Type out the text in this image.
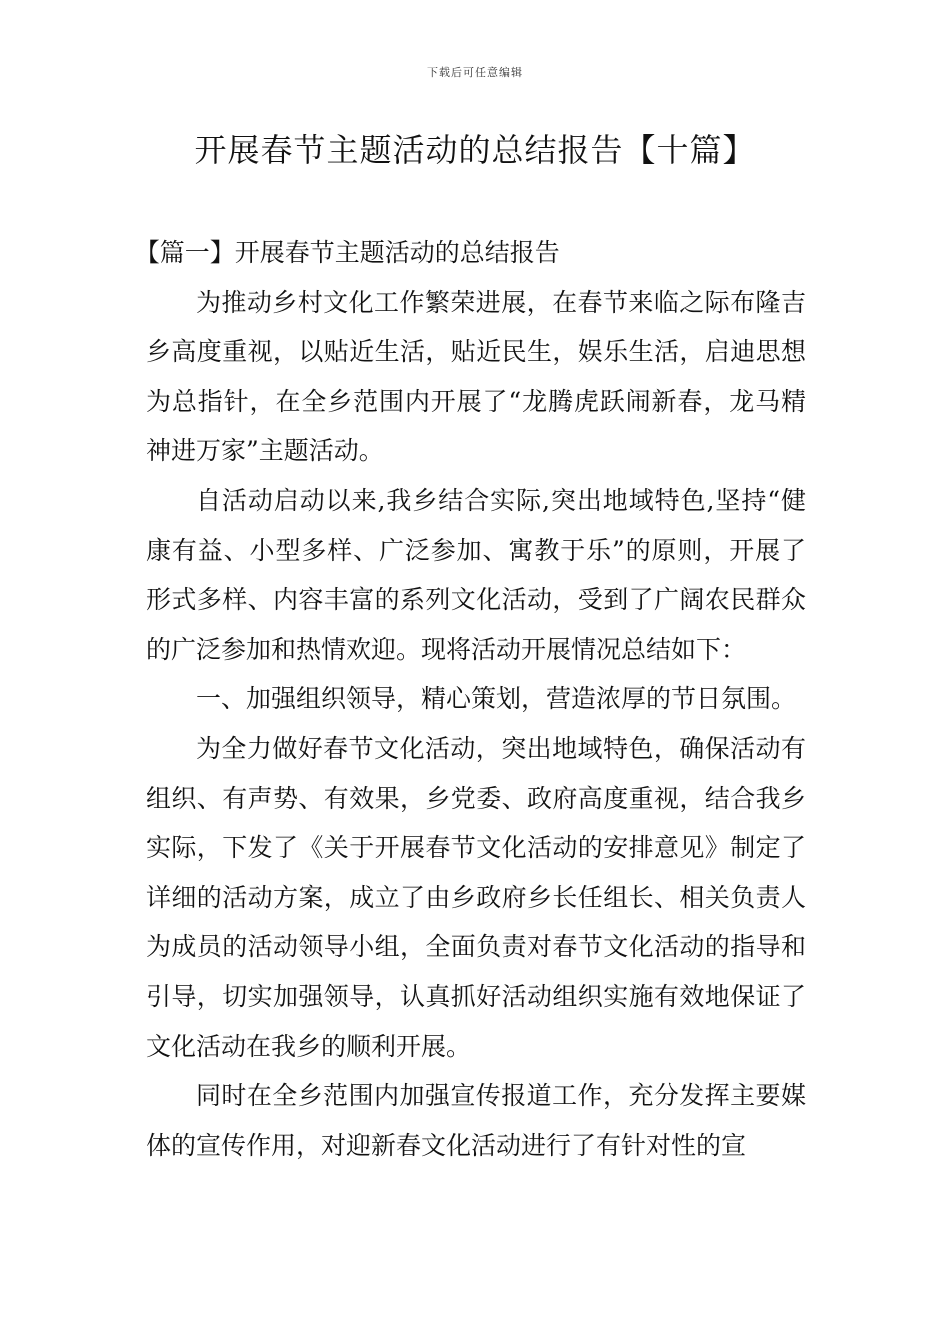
下载后可任意编辑
开展春节主题活动的总结报告【十篇】

【篇一】开展春节主题活动的总结报告

为推动乡村文化工作繁荣进展，在春节来临之际布隆吉乡高度重视，以贴近生活，贴近民生，娱乐生活，启迪思想为总指针，在全乡范围内开展了“龙腾虎跃闹新春，龙马精神进万家”主题活动。

自活动启动以来,我乡结合实际,突出地域特色,坚持“健康有益、小型多样、广泛参加、寓教于乐”的原则，开展了形式多样、内容丰富的系列文化活动，受到了广阔农民群众的广泛参加和热情欢迎。现将活动开展情况总结如下：

一、加强组织领导，精心策划，营造浓厚的节日氛围。

为全力做好春节文化活动，突出地域特色，确保活动有组织、有声势、有效果，乡党委、政府高度重视，结合我乡实际，下发了《关于开展春节文化活动的安排意见》制定了详细的活动方案，成立了由乡政府乡长任组长、相关负责人为成员的活动领导小组，全面负责对春节文化活动的指导和引导，切实加强领导，认真抓好活动组织实施有效地保证了文化活动在我乡的顺利开展。

同时在全乡范围内加强宣传报道工作，充分发挥主要媒体的宣传作用，对迎新春文化活动进行了有针对性的宣
